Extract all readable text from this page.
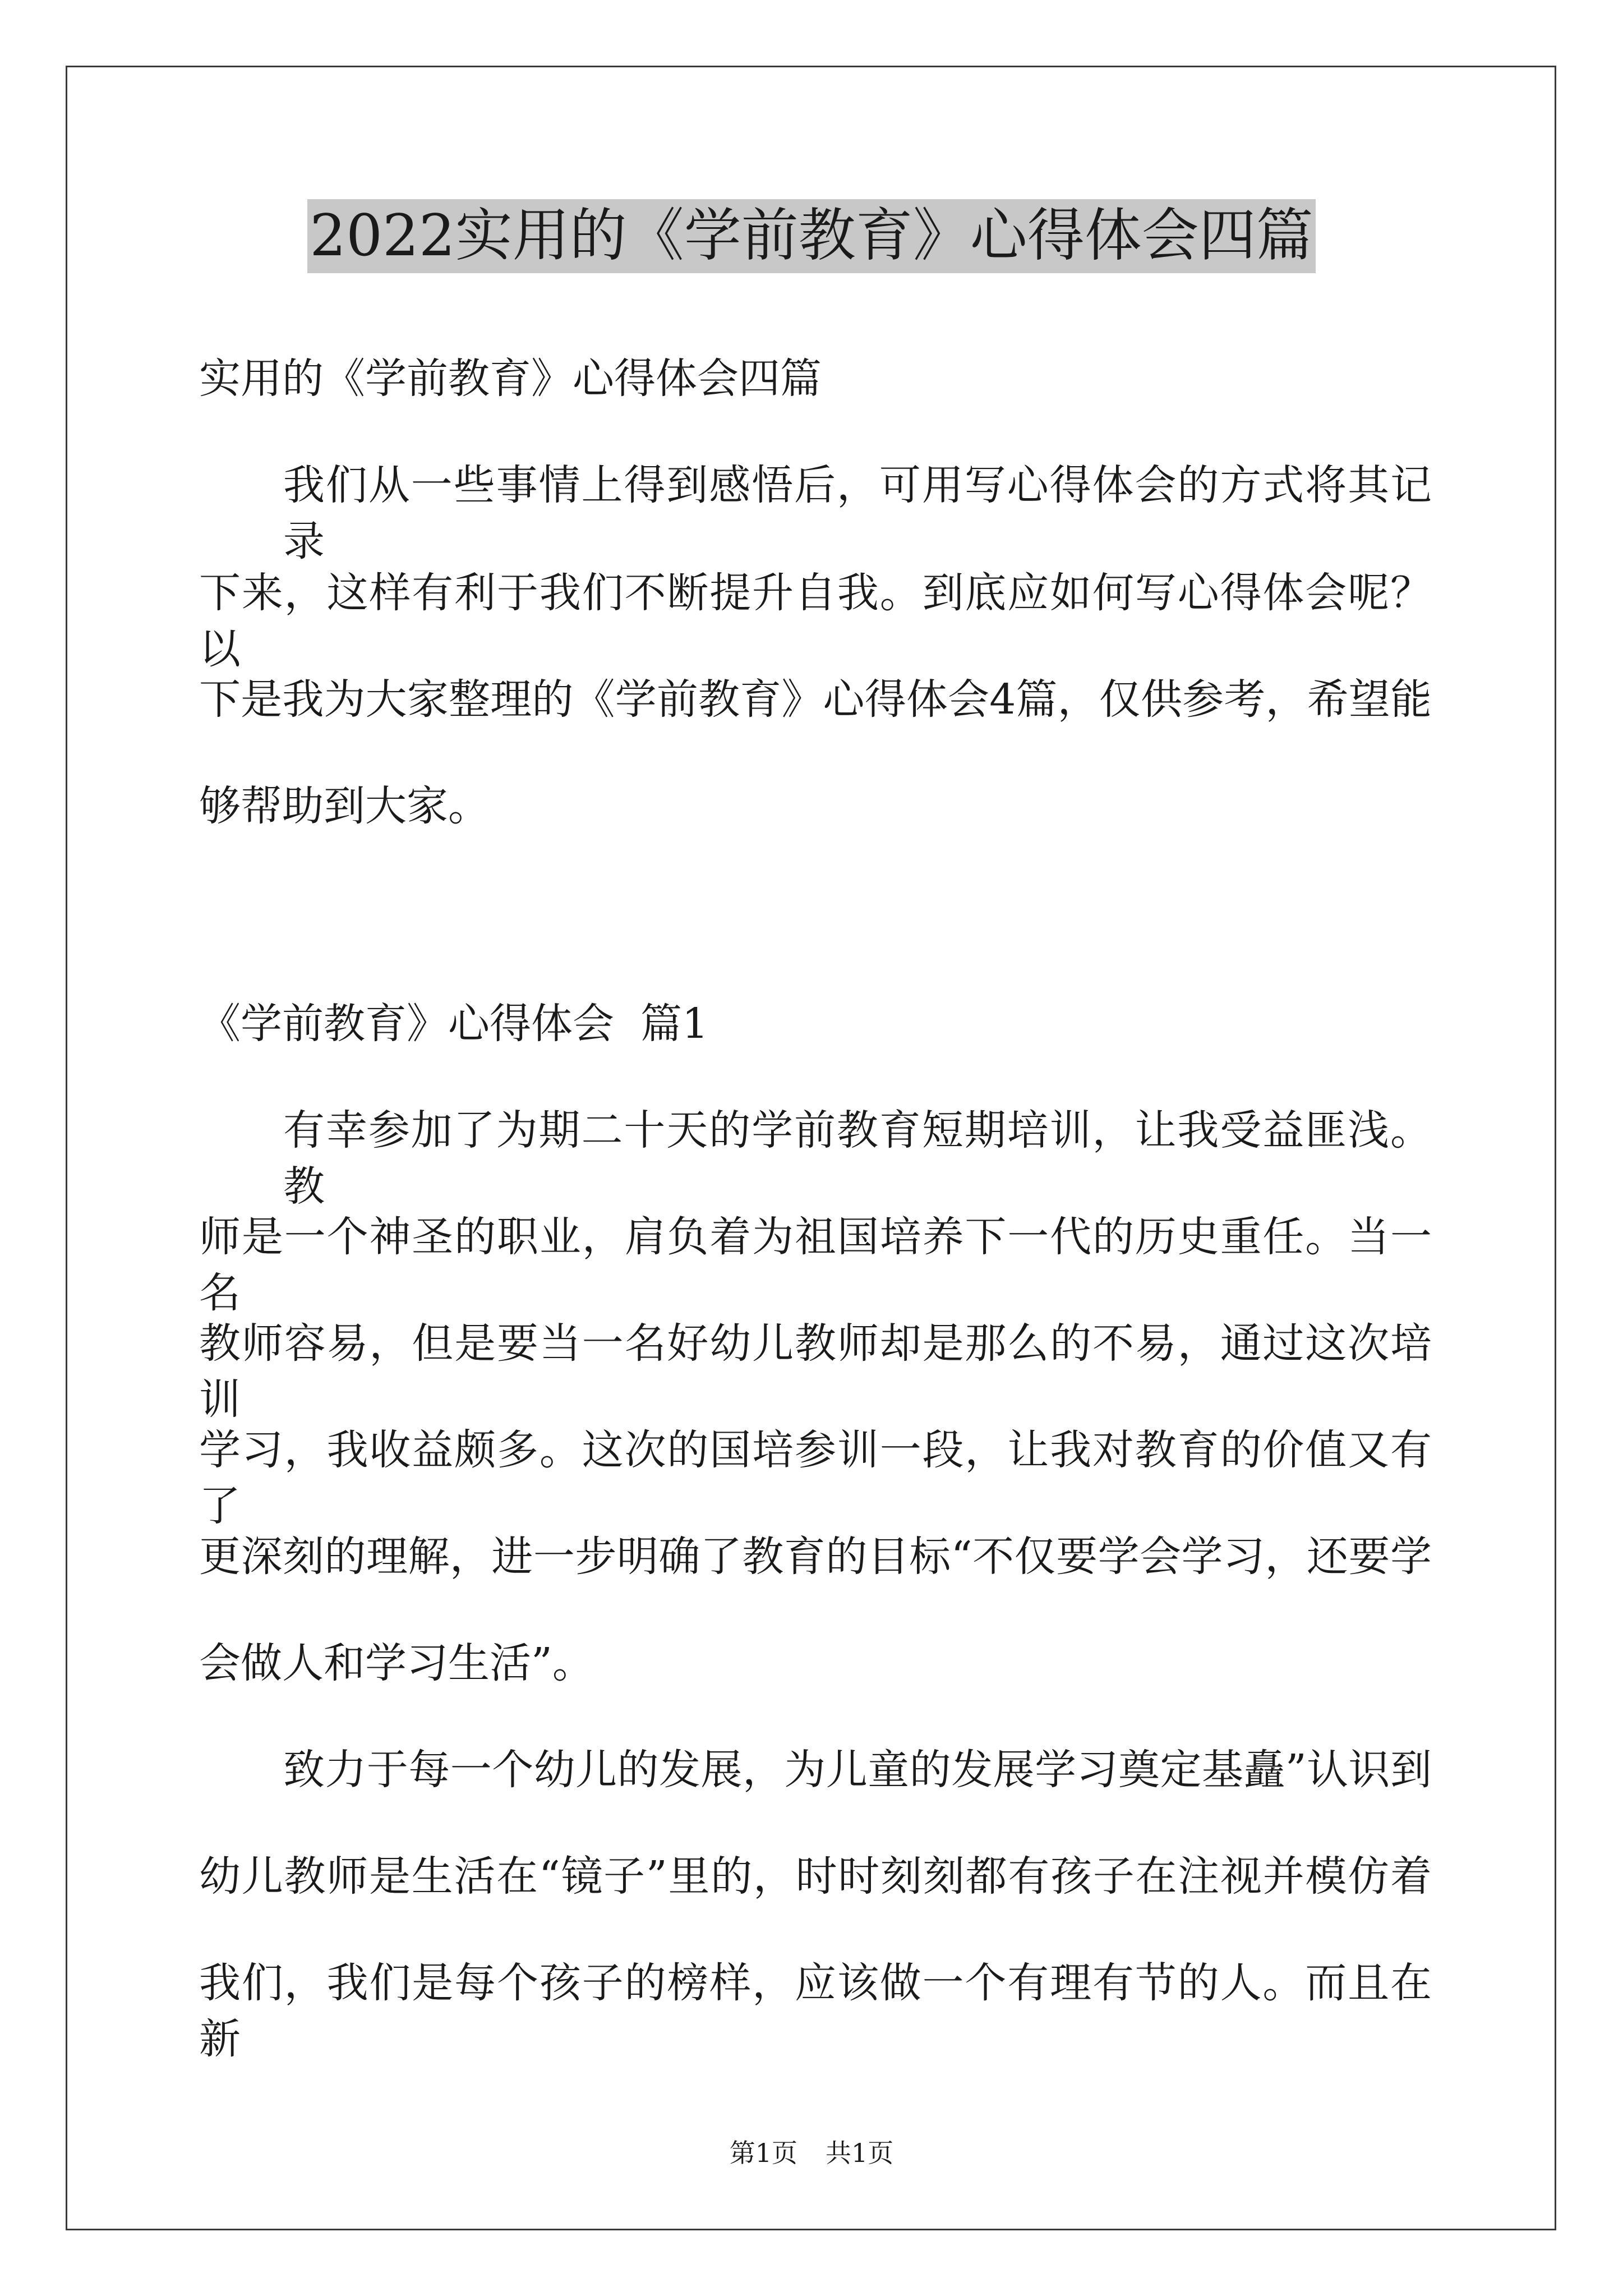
2022实用的《学前教育》心得体会四篇

实用的《学前教育》心得体会四篇

我们从一些事情上得到感悟后，可用写心得体会的方式将其记录

下来，这样有利于我们不断提升自我。到底应如何写心得体会呢？以

下是我为大家整理的《学前教育》心得体会4篇，仅供参考，希望能

够帮助到大家。

《学前教育》心得体会  篇1

有幸参加了为期二十天的学前教育短期培训，让我受益匪浅。教

师是一个神圣的职业，肩负着为祖国培养下一代的历史重任。当一名

教师容易，但是要当一名好幼儿教师却是那么的不易，通过这次培训

学习，我收益颇多。这次的国培参训一段，让我对教育的价值又有了

更深刻的理解，进一步明确了教育的目标“不仅要学会学习，还要学

会做人和学习生活”。

致力于每一个幼儿的发展，为儿童的发展学习奠定基矗”认识到

幼儿教师是生活在“镜子”里的，时时刻刻都有孩子在注视并模仿着

我们，我们是每个孩子的榜样，应该做一个有理有节的人。而且在新

第1页 共1页
